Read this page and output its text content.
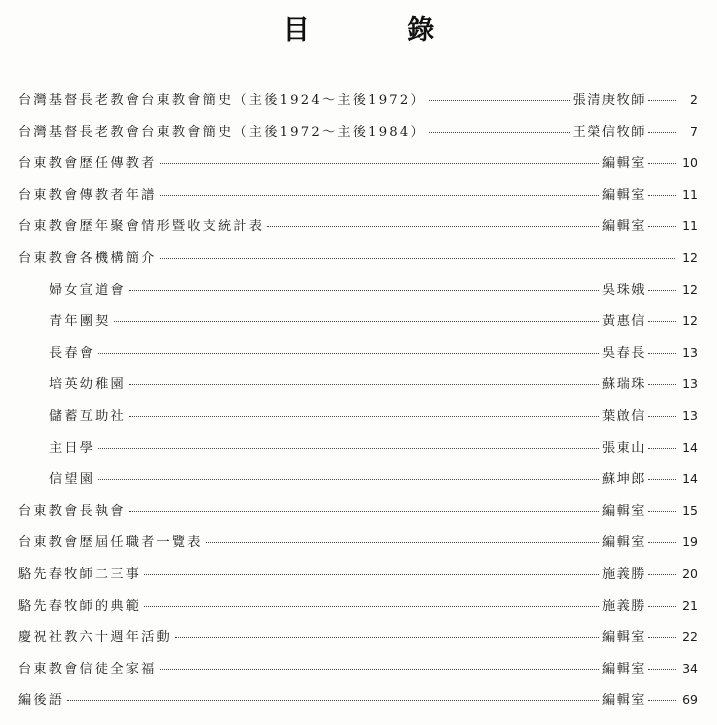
目 錄
台灣基督長老教會台東教會簡史（主後1924～主後1972）	張清庚牧師	2
台灣基督長老教會台東教會簡史（主後1972～主後1984）	王榮信牧師	7
台東教會歷任傳教者	編輯室	10
台東教會傳教者年譜	編輯室	11
台東教會歷年聚會情形暨收支統計表	編輯室	11
台東教會各機構簡介	12
婦女宣道會	吳珠娥	12
青年團契	黃惠信	12
長春會	吳春長	13
培英幼稚園	蘇瑞珠	13
儲蓄互助社	葉啟信	13
主日學	張東山	14
信望園	蘇坤郎	14
台東教會長執會	編輯室	15
台東教會歷屆任職者一覽表	編輯室	19
駱先春牧師二三事	施義勝	20
駱先春牧師的典範	施義勝	21
慶祝社教六十週年活動	編輯室	22
台東教會信徒全家福	編輯室	34
編後語	編輯室	69
